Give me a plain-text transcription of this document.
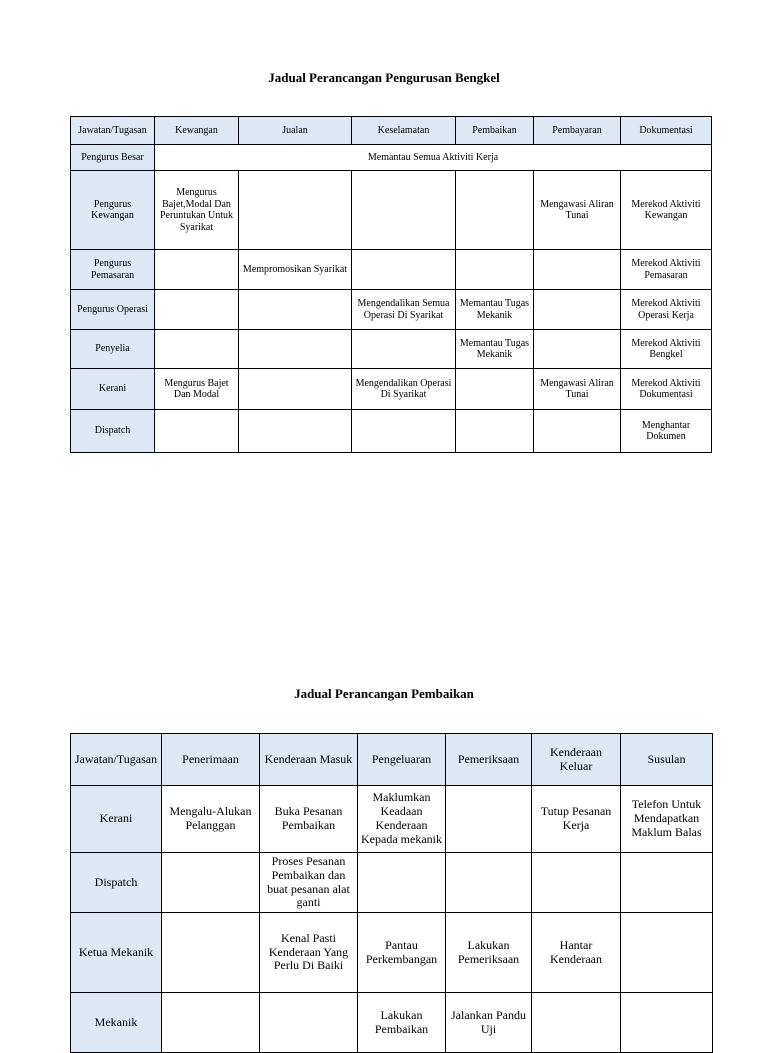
Jadual Perancangan Pengurusan Bengkel
Jawatan/Tugasan	Kewangan	Jualan	Keselamatan	Pembaikan	Pembayaran	Dokumentasi
Pengurus Besar	Memantau Semua Aktiviti Kerja					
Pengurus Kewangan	Mengurus Bajet,Modal Dan Peruntukan Untuk Syarikat				Mengawasi Aliran Tunai	Merekod Aktiviti Kewangan
Pengurus Pemasaran		Mempromosikan Syarikat				Merekod Aktiviti Pemasaran
Pengurus Operasi			Mengendalikan Semua Operasi Di Syarikat	Memantau Tugas Mekanik		Merekod Aktiviti Operasi Kerja
Penyelia				Memantau Tugas Mekanik		Merekod Aktiviti Bengkel
Kerani	Mengurus Bajet Dan Modal		Mengendalikan Operasi Di Syarikat		Mengawasi Aliran Tunai	Merekod Aktiviti Dokumentasi
Dispatch						Menghantar Dokumen
Jadual Perancangan Pembaikan
Jawatan/Tugasan	Penerimaan	Kenderaan Masuk	Pengeluaran	Pemeriksaan	Kenderaan Keluar	Susulan
Kerani	Mengalu-Alukan Pelanggan	Buka Pesanan Pembaikan	Maklumkan Keadaan Kenderaan Kepada mekanik		Tutup Pesanan Kerja	Telefon Untuk Mendapatkan Maklum Balas
Dispatch		Proses Pesanan Pembaikan dan buat pesanan alat ganti				
Ketua Mekanik		Kenal Pasti Kenderaan Yang Perlu Di Baiki	Pantau Perkembangan	Lakukan Pemeriksaan	Hantar Kenderaan	
Mekanik			Lakukan Pembaikan	Jalankan Pandu Uji		
